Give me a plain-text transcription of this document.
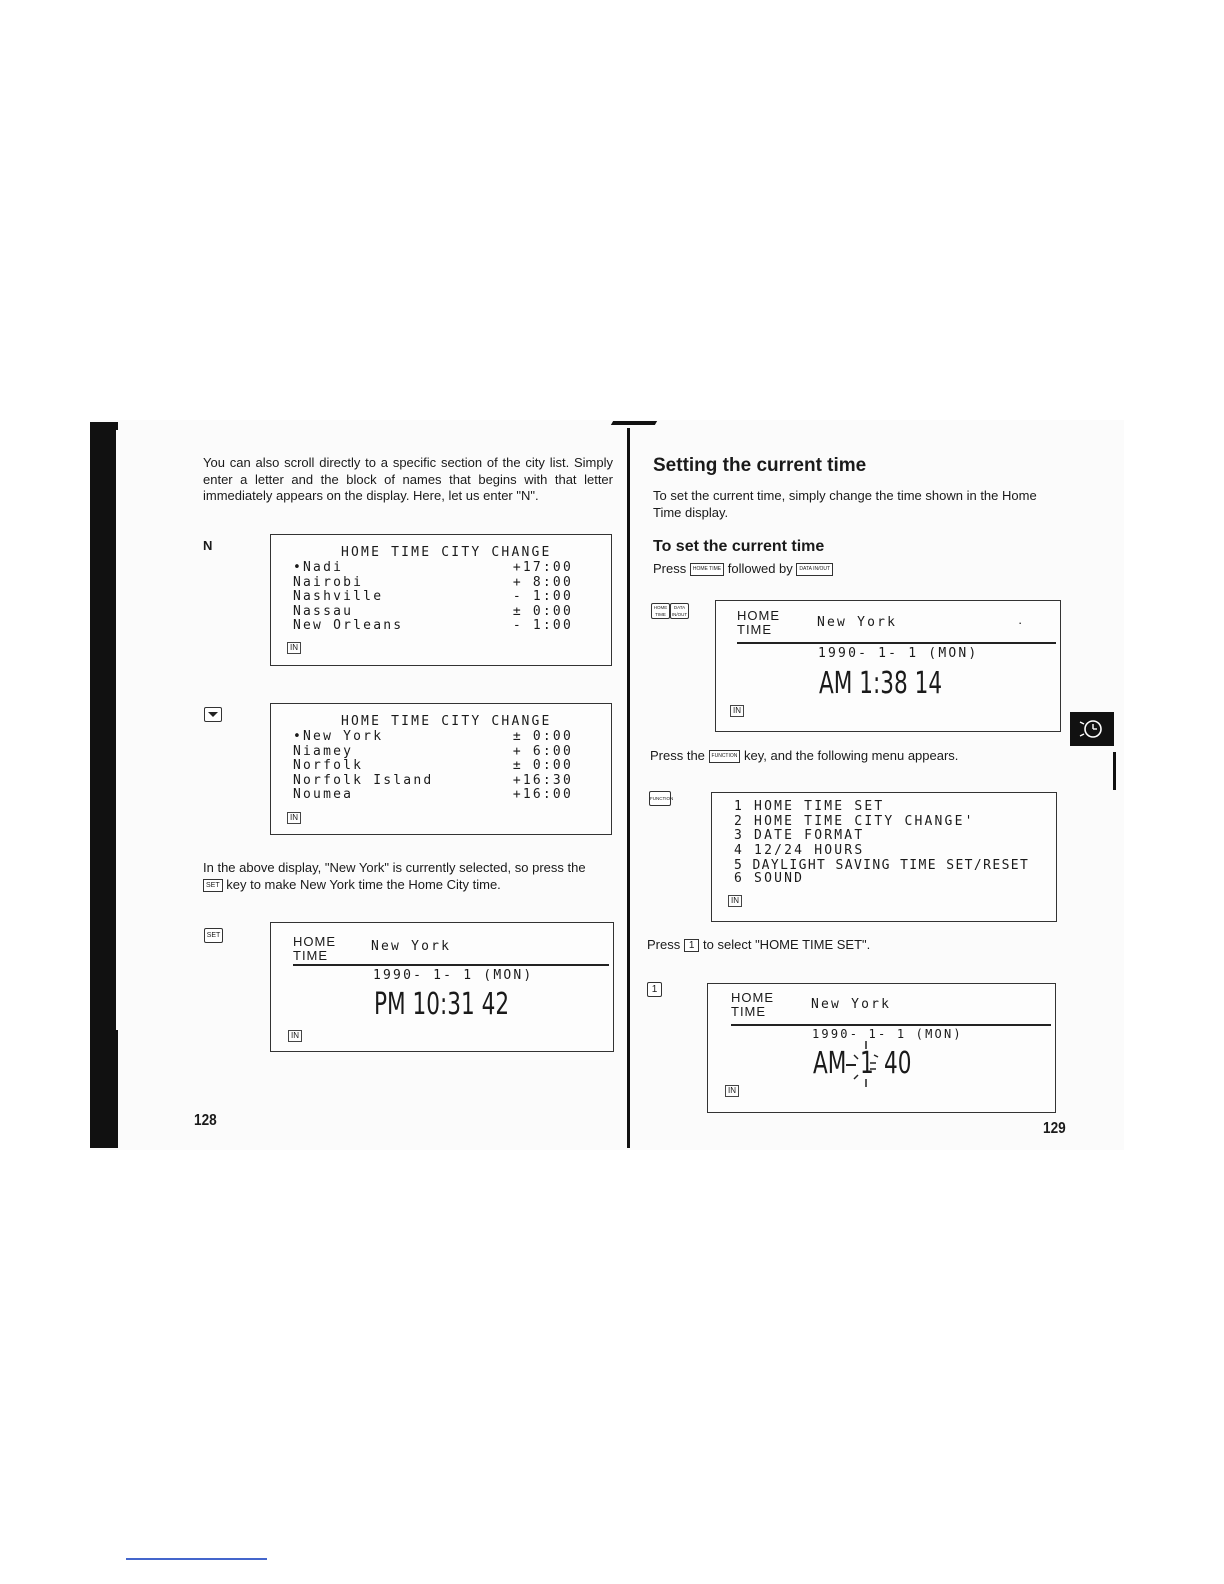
You can also scroll directly to a specific section of the city list. Simply enter a letter and the block of names that begins with that letter immediately appears on the display. Here, let us enter "N".
N	HOME TIME CITY CHANGE
•Nadi	+17:00
Nairobi	+ 8:00
Nashville	- 1:00
Nassau	± 0:00
New Orleans	- 1:00
IN
HOME TIME CITY CHANGE
•New York	± 0:00
Niamey	+ 6:00
Norfolk	± 0:00
Norfolk Island	+16:30
Noumea	+16:00
IN
In the above display, "New York" is currently selected, so press the
SET key to make New York time the Home City time.
SET	HOME
TIME
New York
1990- 1- 1 (MON)
PM 10:31 42
IN
128
Setting the current time
To set the current time, simply change the time shown in the Home Time display.
To set the current time
Press HOME TIME followed by DATA IN/OUT
HOME TIME
DATA IN/OUT	HOME
TIME	New York	·
1990- 1- 1 (MON)
AM 1:38 14
IN
Press the FUNCTION key, and the following menu appears.
FUNCTION
1 HOME TIME SET
2 HOME TIME CITY CHANGE'
3 DATE FORMAT
4 12/24 HOURS
5 DAYLIGHT SAVING TIME SET/RESET
6 SOUND
IN
Press 1 to select "HOME TIME SET".
1
HOME
TIME	New York
1990- 1- 1 (MON)
AM 1 40
IN
129
